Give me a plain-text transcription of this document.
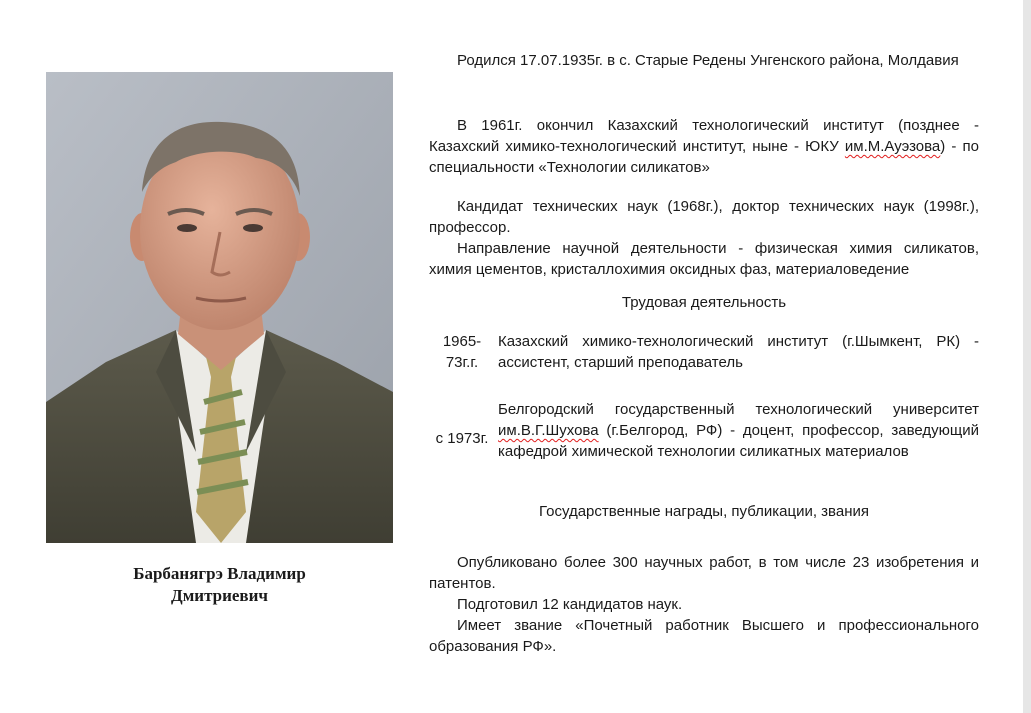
Барбанягрэ Владимир
Дмитриевич

Родился 17.07.1935г. в с. Старые Редены Унгенского района, Молдавия

В 1961г. окончил Казахский технологический институт (позднее - Казахский химико-технологический институт, ныне - ЮКУ им.М.Ауэзова) - по специальности «Технологии силикатов»

Кандидат технических наук (1968г.), доктор технических наук (1998г.), профессор.

Направление научной деятельности - физическая химия силикатов, химия цементов, кристаллохимия оксидных фаз, материаловедение

Трудовая деятельность
1965-73г.г.
Казахский химико-технологический институт (г.Шымкент, РК) - ассистент, старший преподаватель
с 1973г.
Белгородский государственный технологический университет им.В.Г.Шухова (г.Белгород, РФ) - доцент, профессор, заведующий кафедрой химической технологии силикатных материалов
Государственные награды, публикации, звания

Опубликовано более 300 научных работ, в том числе 23 изобретения и патентов.

Подготовил 12 кандидатов наук.

Имеет звание «Почетный работник Высшего и профессионального образования РФ».
